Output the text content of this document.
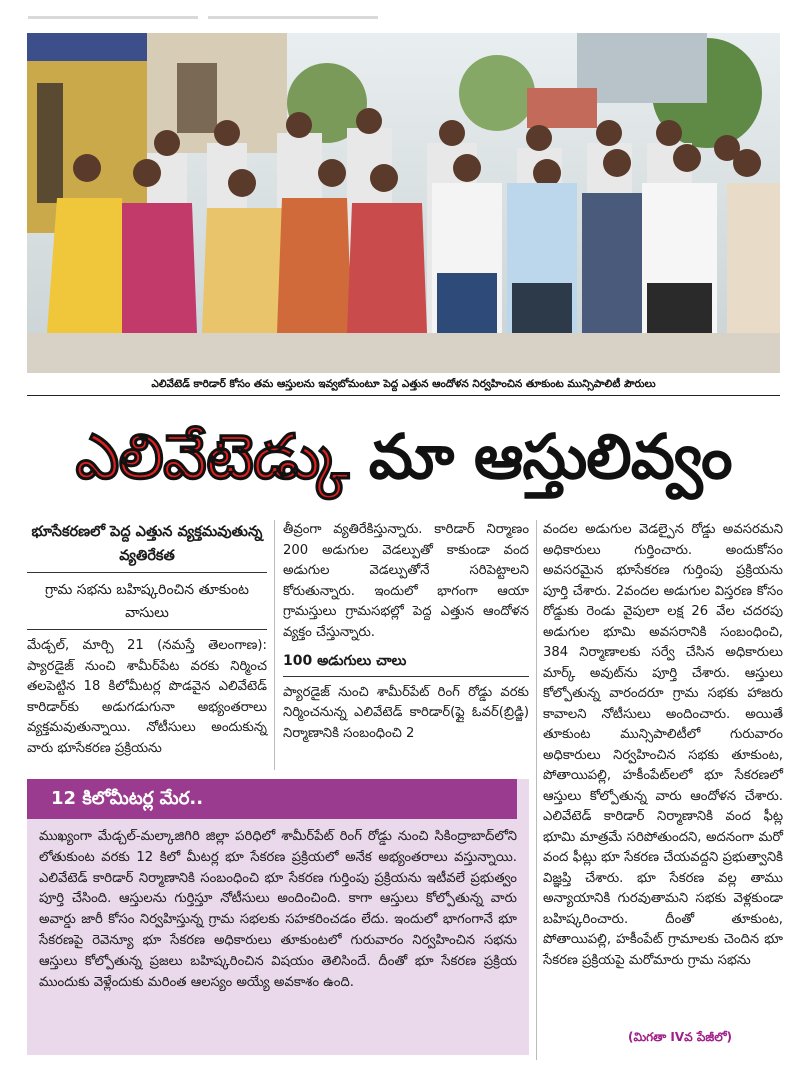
ఎలివేటెడ్ కారిడార్ కోసం తమ ఆస్తులను ఇవ్వబోమంటూ పెద్ద ఎత్తున ఆందోళన నిర్వహించిన తూకుంట మున్సిపాలిటీ పౌరులు
ఎలివేటెడ్కు మా ఆస్తులివ్వం
భూసేకరణలో పెద్ద ఎత్తున వ్యక్తమవుతున్న వ్యతిరేకత
గ్రామ సభను బహిష్కరించిన తూకుంట వాసులు

మేడ్చల్, మార్చి 21 (నమస్తే తెలంగాణ): ప్యారడైజ్ నుంచి శామీర్‌పేట వరకు నిర్మించ తలపెట్టిన 18 కిలోమీటర్ల పొడవైన ఎలివేటెడ్ కారిడార్‌కు అడుగడుగునా అభ్యంతరాలు వ్యక్తమవుతున్నాయి. నోటీసులు అందుకున్న వారు భూసేకరణ ప్రక్రియను

తీవ్రంగా వ్యతిరేకిస్తున్నారు. కారిడార్ నిర్మాణం 200 అడుగుల వెడల్పుతో కాకుండా వంద అడుగుల వెడల్పుతోనే సరిపెట్టాలని కోరుతున్నారు. ఇందులో భాగంగా ఆయా గ్రామస్తులు గ్రామసభల్లో పెద్ద ఎత్తున ఆందోళన వ్యక్తం చేస్తున్నారు.

100 అడుగులు చాలు

ప్యారడైజ్ నుంచి శామీర్‌పేట్ రింగ్ రోడ్డు వరకు నిర్మించనున్న ఎలివేటెడ్ కారిడార్(ఫ్లై ఓవర్(బ్రిడ్జి) నిర్మాణానికి సంబంధించి 2

వందల అడుగుల వెడల్పైన రోడ్డు అవసరమని అధికారులు గుర్తించారు. అందుకోసం అవసరమైన భూసేకరణ గుర్తింపు ప్రక్రియను పూర్తి చేశారు. 2వందల అడుగుల విస్తరణ కోసం రోడ్డుకు రెండు వైపులా లక్ష 26 వేల చదరపు అడుగుల భూమి అవసరానికి సంబంధించి, 384 నిర్మాణాలకు సర్వే చేసిన అధికారులు మార్క్ అవుట్‌ను పూర్తి చేశారు. ఆస్తులు కోల్పోతున్న వారందరూ గ్రామ సభకు హాజరు కావాలని నోటీసులు అందించారు. అయితే తూకుంట మున్సిపాలిటీలో గురువారం అధికారులు నిర్వహించిన సభకు తూకుంట, పోతాయిపల్లి, హకీంపేట్‌లలో భూ సేకరణలో ఆస్తులు కోల్పోతున్న వారు ఆందోళన చేశారు. ఎలివేటెడ్ కారిడార్ నిర్మాణానికి వంద ఫీట్ల భూమి మాత్రమే సరిపోతుందని, అదనంగా మరో వంద ఫీట్లు భూ సేకరణ చేయవద్దని ప్రభుత్వానికి విజ్ఞప్తి చేశారు. భూ సేకరణ వల్ల తాము అన్యాయానికి గురవుతామని సభకు వెళ్లకుండా బహిష్కరించారు. దీంతో తూకుంట, పోతాయిపల్లి, హకీంపేట్ గ్రామాలకు చెందిన భూ సేకరణ ప్రక్రియపై మరోమారు గ్రామ సభను

12 కిలోమీటర్ల మేర..

ముఖ్యంగా మేడ్చల్-మల్కాజిగిరి జిల్లా పరిధిలో శామీర్‌పేట్ రింగ్ రోడ్డు నుంచి సికింద్రాబాద్‌లోని లోతుకుంట వరకు 12 కిలో మీటర్ల భూ సేకరణ ప్రక్రియలో అనేక అభ్యంతరాలు వస్తున్నాయి. ఎలివేటెడ్ కారిడార్ నిర్మాణానికి సంబంధించి భూ సేకరణ గుర్తింపు ప్రక్రియను ఇటీవలే ప్రభుత్వం పూర్తి చేసింది. ఆస్తులను గుర్తిస్తూ నోటీసులు అందించింది. కాగా ఆస్తులు కోల్పోతున్న వారు అవార్డు జారీ కోసం నిర్వహిస్తున్న గ్రామ సభలకు సహకరించడం లేదు. ఇందులో భాగంగానే భూ సేకరణపై రెవెన్యూ భూ సేకరణ అధికారులు తూకుంటలో గురువారం నిర్వహించిన సభను ఆస్తులు కోల్పోతున్న ప్రజలు బహిష్కరించిన విషయం తెలిసిందే. దీంతో భూ సేకరణ ప్రక్రియ ముందుకు వెళ్లేందుకు మరింత ఆలస్యం అయ్యే అవకాశం ఉంది.

(మిగతా IVవ పేజీలో)
